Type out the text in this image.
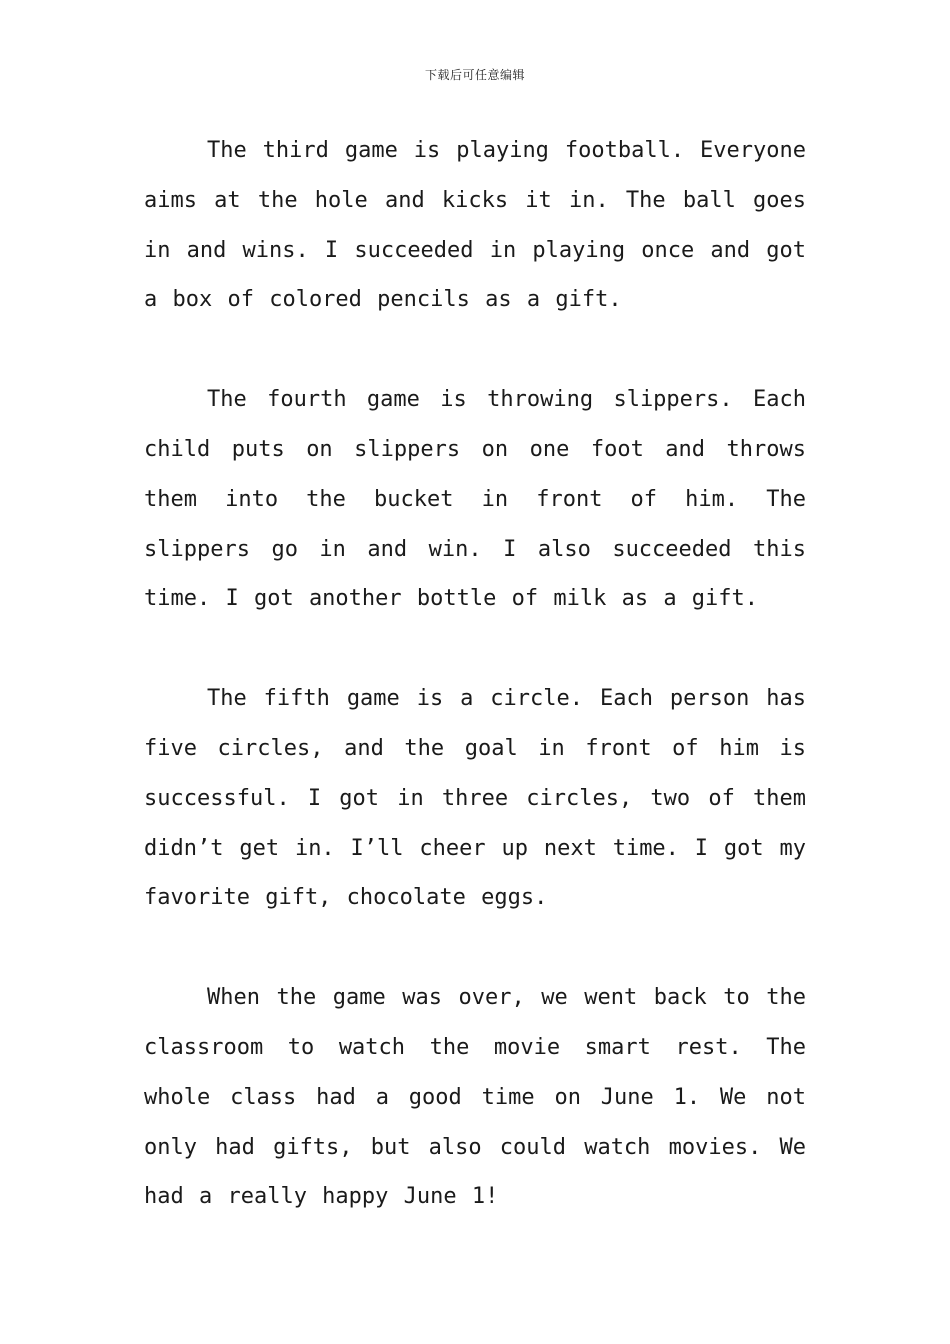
下载后可任意编辑

The third game is playing football. Everyone aims at the hole and kicks it in. The ball goes in and wins. I succeeded in playing once and got a box of colored pencils as a gift.

The fourth game is throwing slippers. Each child puts on slippers on one foot and throws them into the bucket in front of him. The slippers go in and win. I also succeeded this time. I got another bottle of milk as a gift.

The fifth game is a circle. Each person has five circles, and the goal in front of him is successful. I got in three circles, two of them didn’t get in. I’ll cheer up next time. I got my favorite gift, chocolate eggs.

When the game was over, we went back to the classroom to watch the movie smart rest. The whole class had a good time on June 1. We not only had gifts, but also could watch movies. We had a really happy June 1!
